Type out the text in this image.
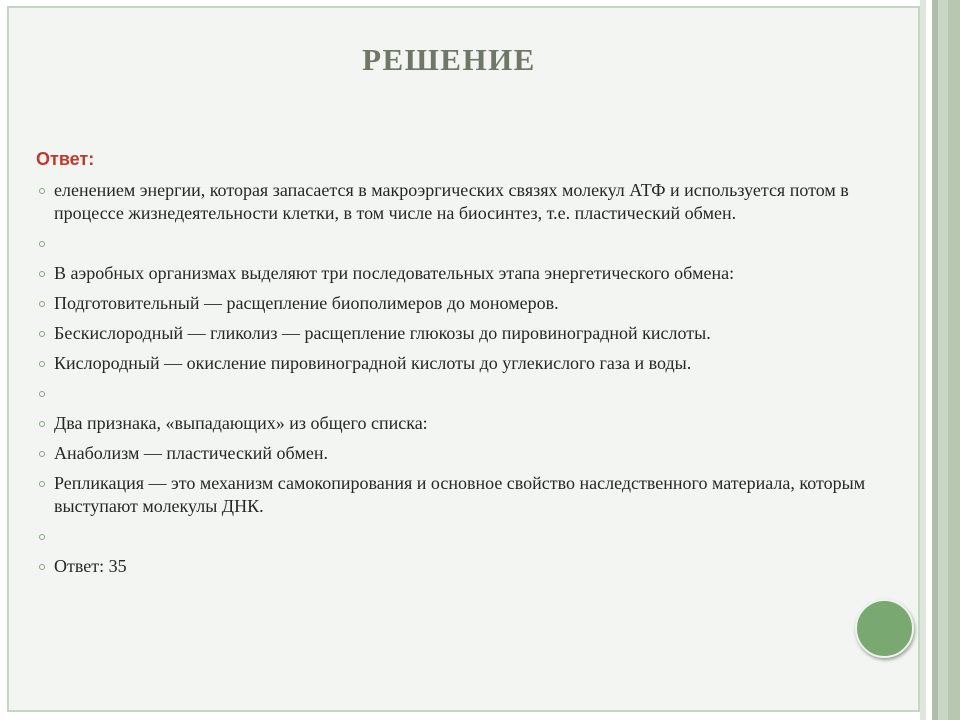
РЕШЕНИЕ
Ответ:
еленением энергии, которая запасается в макроэргических связях молекул АТФ и используется потом в процессе жизнедеятельности клетки, в том числе на биосинтез, т.е. пластический обмен.
В аэробных организмах выделяют три последовательных этапа энергетического обмена:
Подготовительный — расщепление биополимеров до мономеров.
Бескислородный — гликолиз — расщепление глюкозы до пировиноградной кислоты.
Кислородный — окисление пировиноградной кислоты до углекислого газа и воды.
Два признака, «выпадающих» из общего списка:
Анаболизм — пластический обмен.
Репликация — это механизм самокопирования и основное свойство наследственного материала, которым выступают молекулы ДНК.
Ответ: 35
